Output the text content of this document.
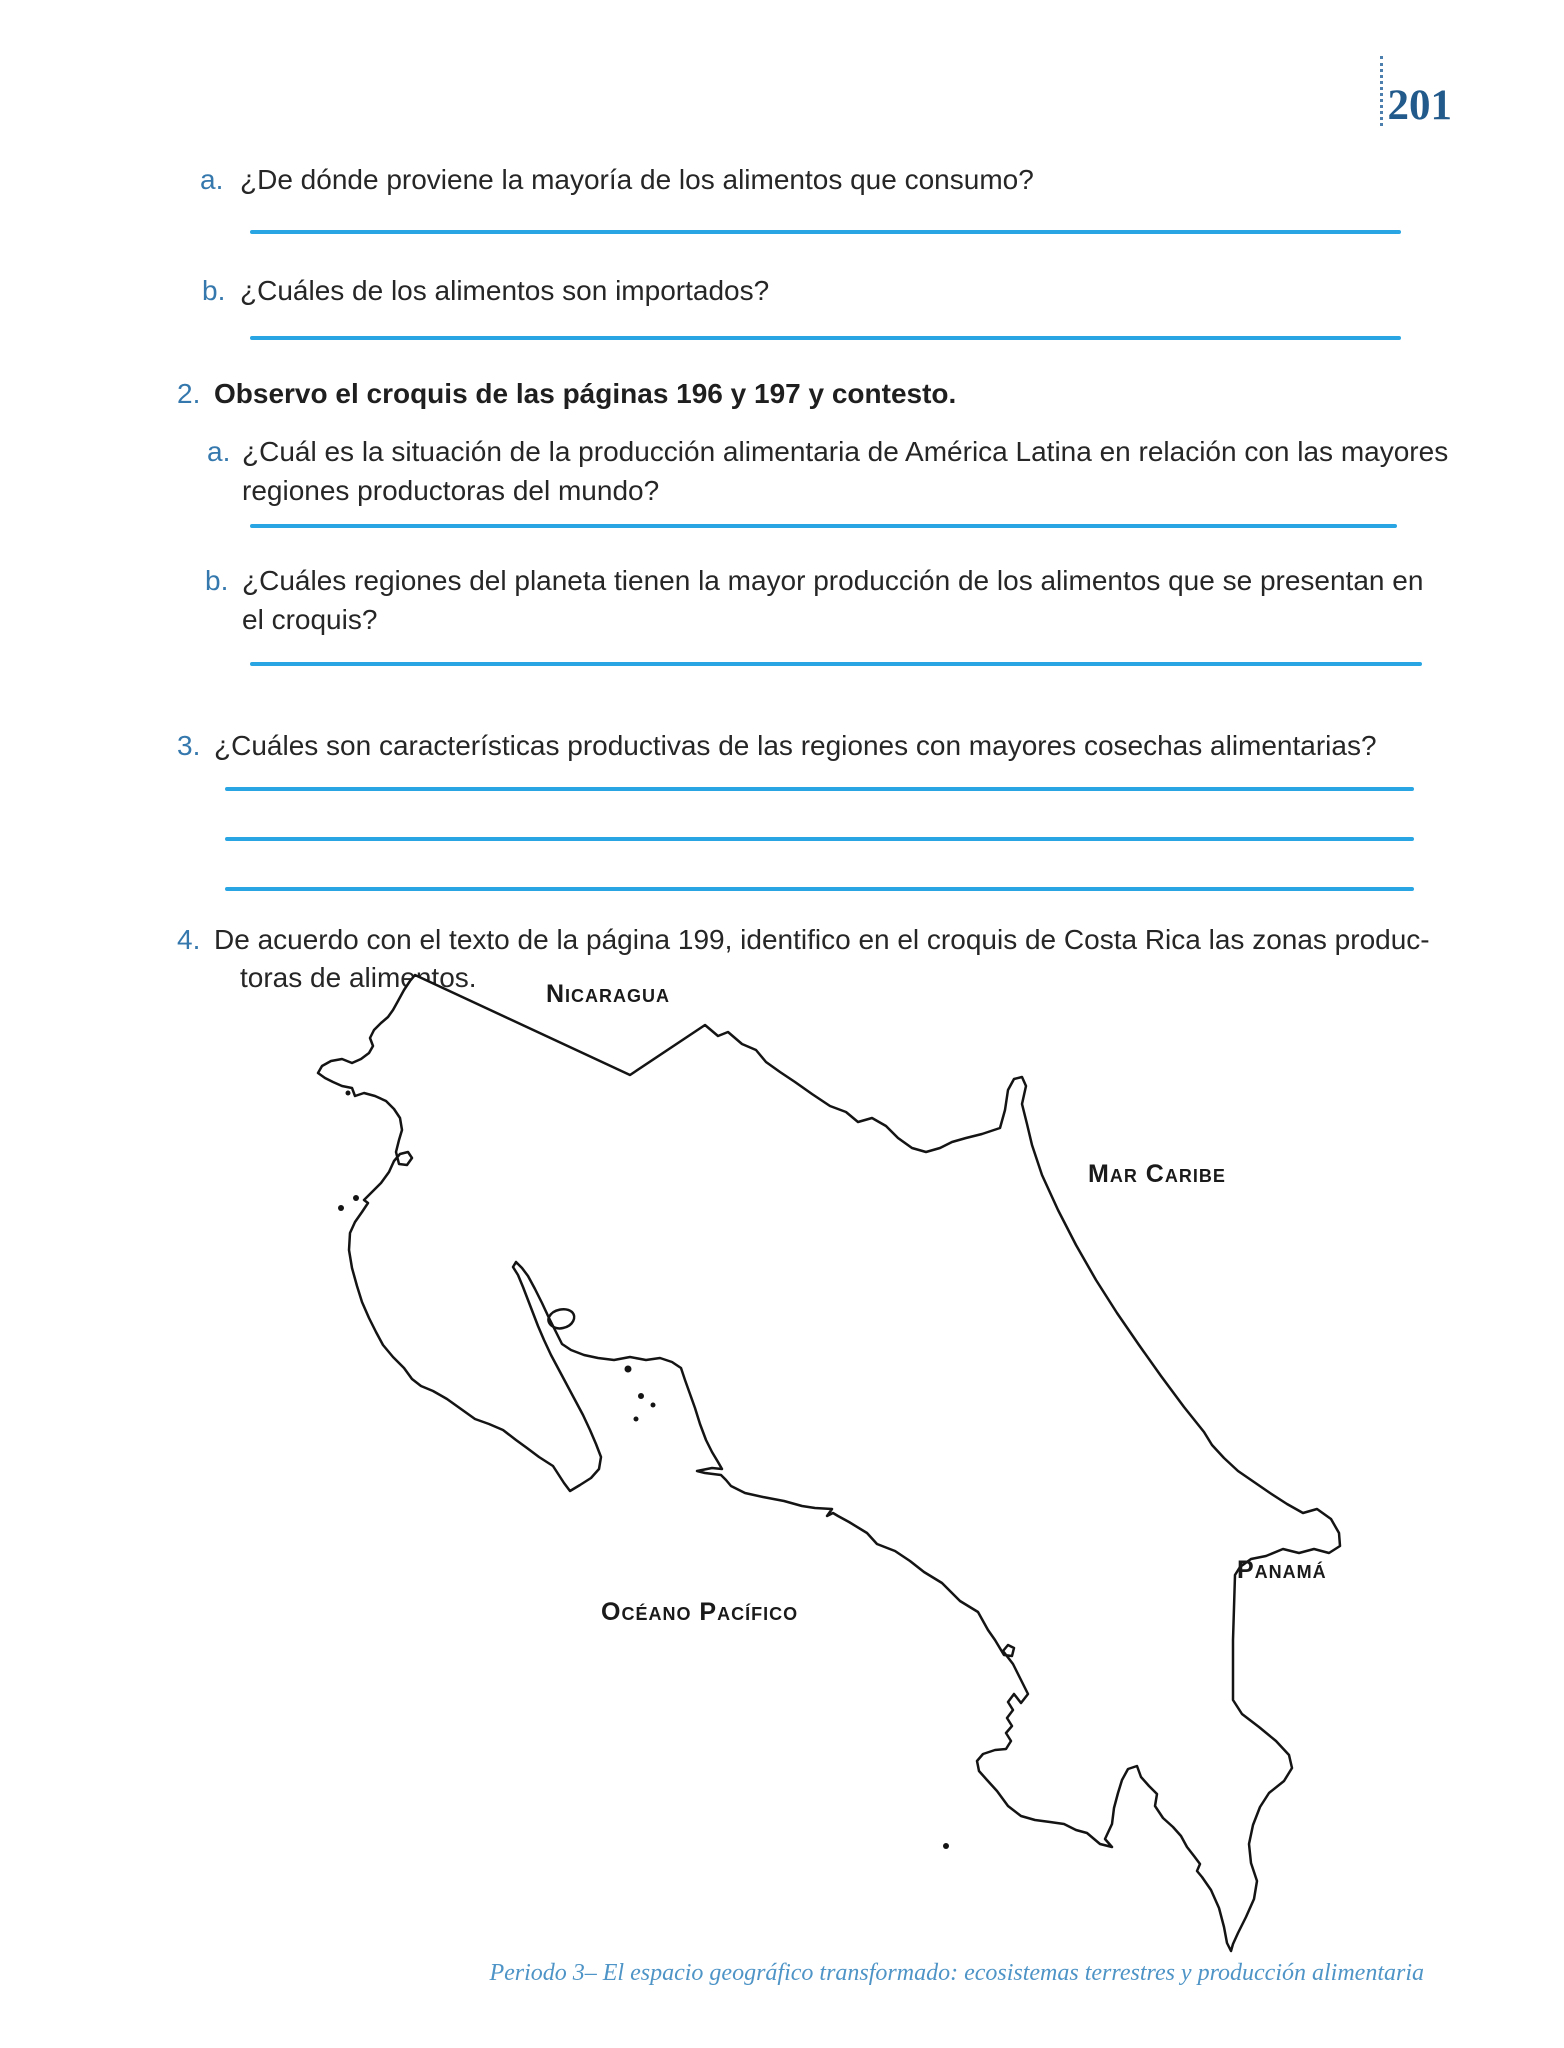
201
a. ¿De dónde proviene la mayoría de los alimentos que consumo?
b. ¿Cuáles de los alimentos son importados?
2. Observo el croquis de las páginas 196 y 197 y contesto.
a. ¿Cuál es la situación de la producción alimentaria de América Latina en relación con las mayores
regiones productoras del mundo?
b. ¿Cuáles regiones del planeta tienen la mayor producción de los alimentos que se presentan en
el croquis?
3. ¿Cuáles son características productivas de las regiones con mayores cosechas alimentarias?
4. De acuerdo con el texto de la página 199, identifico en el croquis de Costa Rica las zonas produc-
toras de alimentos.
Nicaragua
Mar Caribe
Océano Pacífico
Panamá
Periodo 3– El espacio geográfico transformado: ecosistemas terrestres y producción alimentaria
